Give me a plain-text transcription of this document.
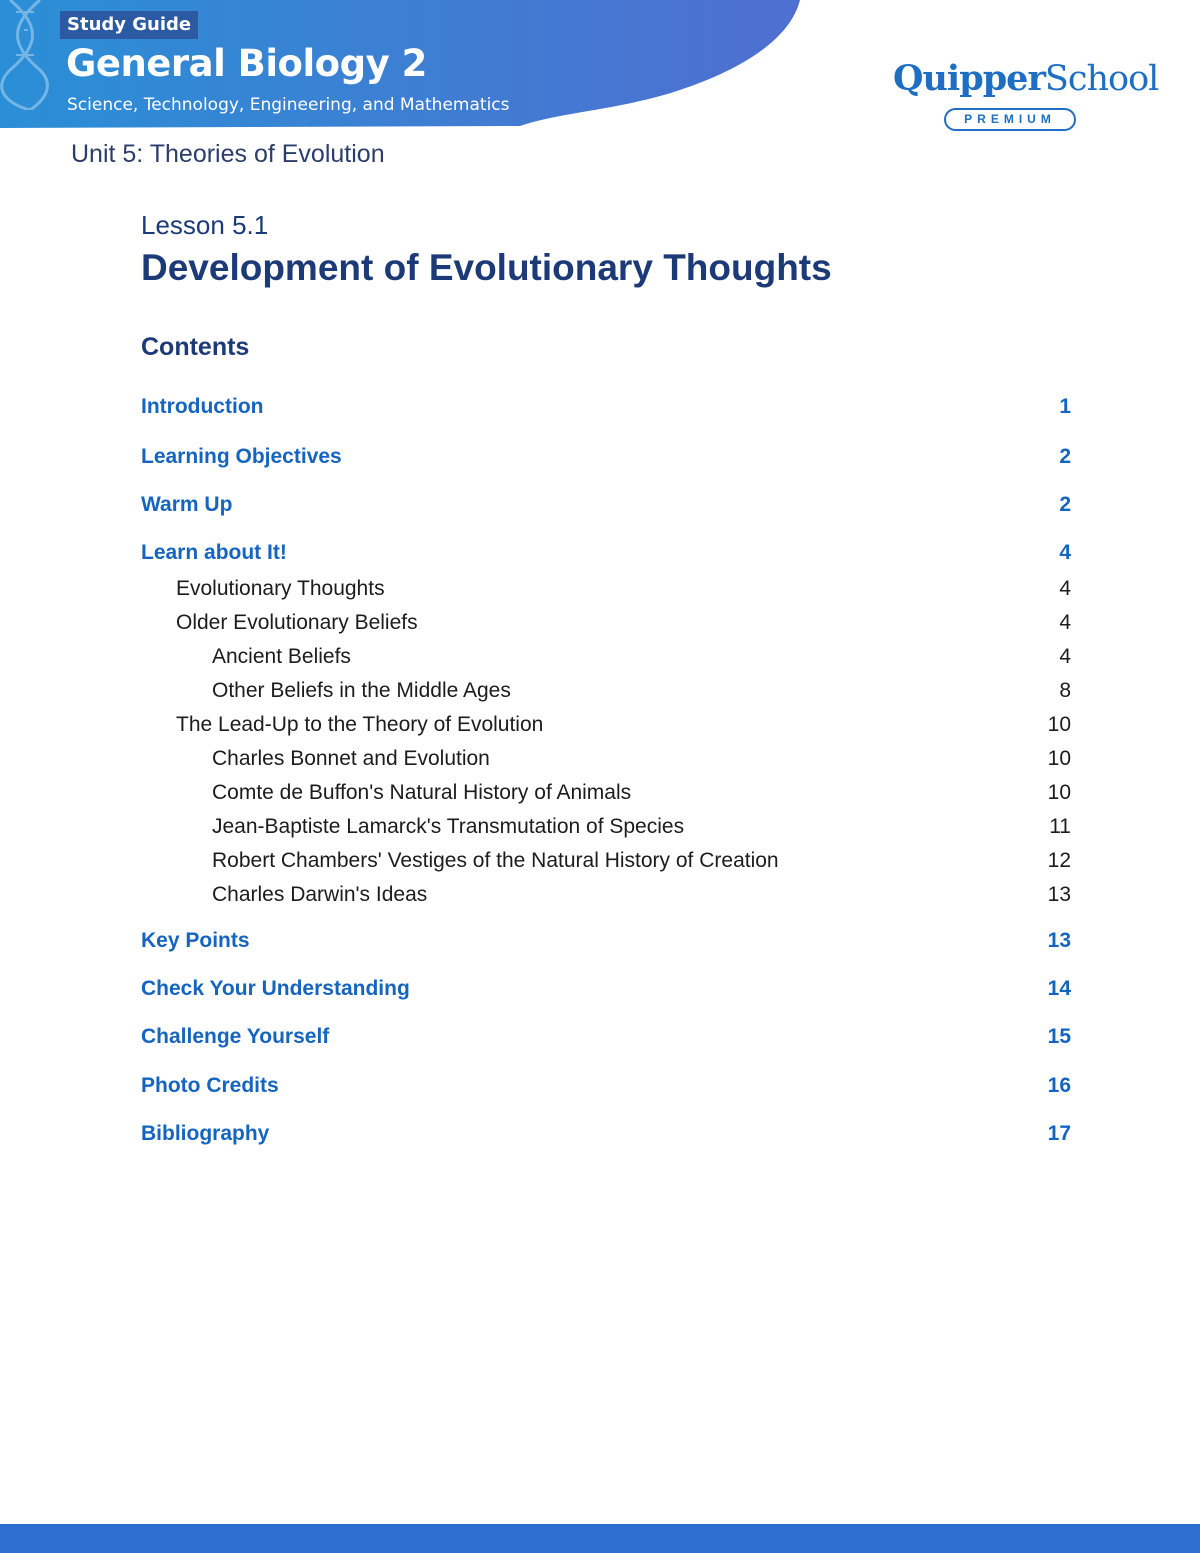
Study Guide
General Biology 2
Science, Technology, Engineering, and Mathematics
QuipperSchool
PREMIUM
Unit 5: Theories of Evolution
Lesson 5.1
Development of Evolutionary Thoughts
Contents
Introduction	1
Learning Objectives	2
Warm Up	2
Learn about It!	4
Evolutionary Thoughts	4
Older Evolutionary Beliefs	4
Ancient Beliefs	4
Other Beliefs in the Middle Ages	8
The Lead-Up to the Theory of Evolution	10
Charles Bonnet and Evolution	10
Comte de Buffon's Natural History of Animals	10
Jean-Baptiste Lamarck's Transmutation of Species	11
Robert Chambers' Vestiges of the Natural History of Creation	12
Charles Darwin's Ideas	13
Key Points	13
Check Your Understanding	14
Challenge Yourself	15
Photo Credits	16
Bibliography	17
